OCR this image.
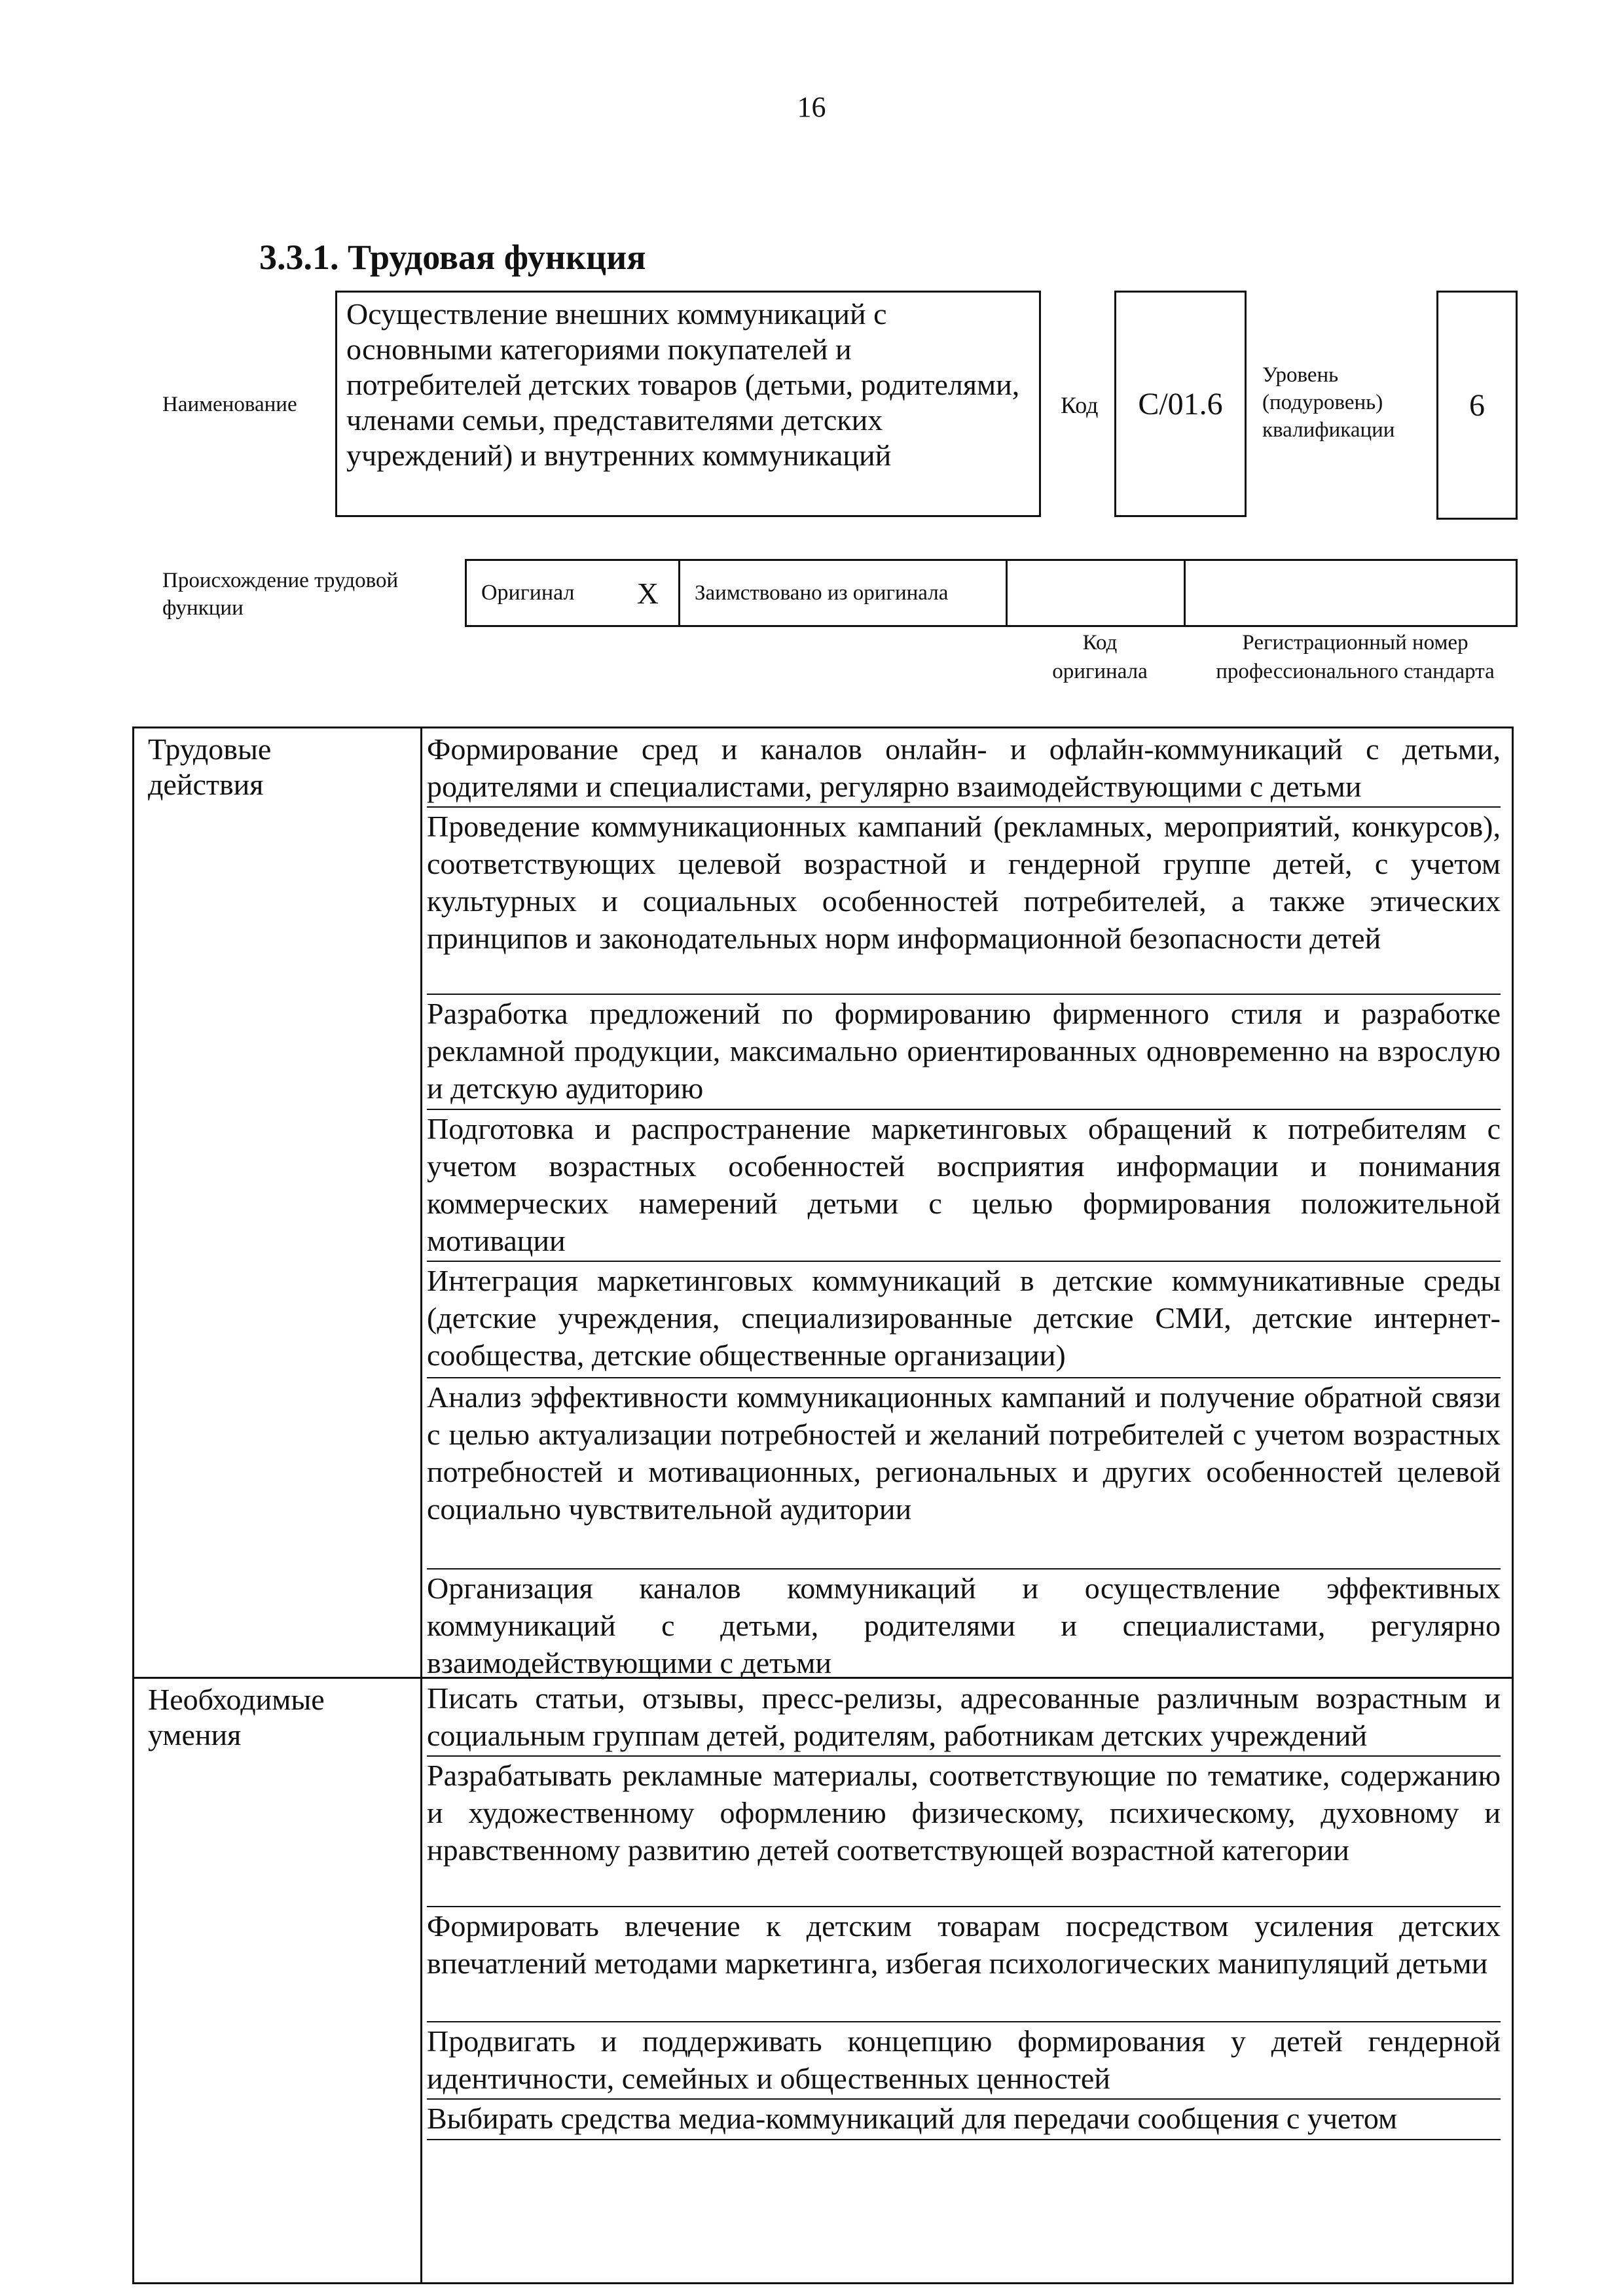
16
3.3.1. Трудовая функция
Наименование
Осуществление внешних коммуникаций с основными категориями покупателей и потребителей детских товаров (детьми, родителями, членами семьи, представителями детских учреждений) и внутренних коммуникаций
Код C/01.6
Уровень
(подуровень)
квалификации
6
Происхождение трудовой
функции
Оригинал X Заимствовано из оригинала
Код
оригинала
Регистрационный номер
профессионального стандарта
Трудовые
действия
Формирование сред и каналов онлайн- и офлайн-коммуникаций с детьми, родителями и специалистами, регулярно взаимодействующими с детьми
Проведение коммуникационных кампаний (рекламных, мероприятий, конкурсов), соответствующих целевой возрастной и гендерной группе детей, с учетом культурных и социальных особенностей потребителей, а также этических принципов и законодательных норм информационной безопасности детей
Разработка предложений по формированию фирменного стиля и разработке рекламной продукции, максимально ориентированных одновременно на взрослую и детскую аудиторию
Подготовка и распространение маркетинговых обращений к потребителям с учетом возрастных особенностей восприятия информации и понимания коммерческих намерений детьми с целью формирования положительной мотивации
Интеграция маркетинговых коммуникаций в детские коммуникативные среды (детские учреждения, специализированные детские СМИ, детские интернет-сообщества, детские общественные организации)
Анализ эффективности коммуникационных кампаний и получение обратной связи с целью актуализации потребностей и желаний потребителей с учетом возрастных потребностей и мотивационных, региональных и других особенностей целевой социально чувствительной аудитории
Организация каналов коммуникаций и осуществление эффективных коммуникаций с детьми, родителями и специалистами, регулярно взаимодействующими с детьми
Необходимые
умения
Писать статьи, отзывы, пресс-релизы, адресованные различным возрастным и социальным группам детей, родителям, работникам детских учреждений
Разрабатывать рекламные материалы, соответствующие по тематике, содержанию и художественному оформлению физическому, психическому, духовному и нравственному развитию детей соответствующей возрастной категории
Формировать влечение к детским товарам посредством усиления детских впечатлений методами маркетинга, избегая психологических манипуляций детьми
Продвигать и поддерживать концепцию формирования у детей гендерной идентичности, семейных и общественных ценностей
Выбирать средства медиа-коммуникаций для передачи сообщения с учетом
